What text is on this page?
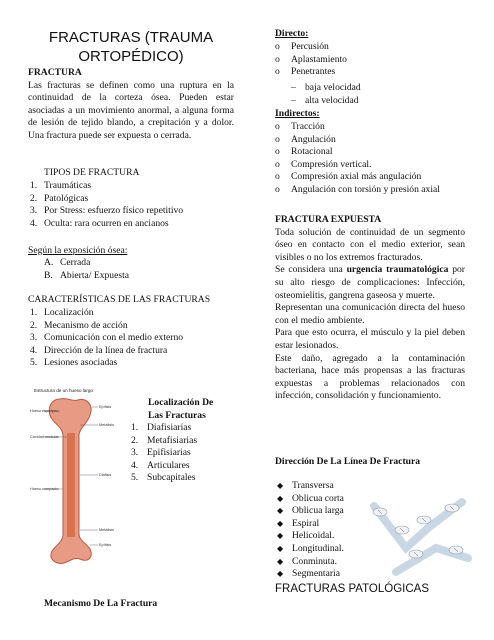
FRACTURAS (TRAUMA ORTOPÉDICO)
FRACTURA
Las fracturas se definen como una ruptura en la continuidad de la corteza ósea. Pueden estar asociadas a un movimiento anormal, a alguna forma de lesión de tejido blando, a crepitación y a dolor. Una fractura puede ser expuesta o cerrada.
TIPOS DE FRACTURA
1. Traumáticas
2. Patológicas
3. Por Stress: esfuerzo físico repetitivo
4. Oculta: rara ocurren en ancianos
Según la exposición ósea:
A. Cerrada
B. Abierta/ Expuesta
CARACTERÍSTICAS DE LAS FRACTURAS
1. Localización
2. Mecanismo de acción
3. Comunicación con el medio externo
4. Dirección de la línea de fractura
5. Lesiones asociadas
Estructura de un hueso largo
Hueso esponjoso
Cavidad medular
Hueso compacto
Epífisis
Metáfisis
Diáfisis
Metáfisis
Epífisis
Localización De
Las Fracturas
1. Diafisiarias
2. Metafisiarias
3. Epifisiarias
4. Articulares
5. Subcapitales
Mecanismo De La Fractura
Directo:
o	Percusión
o	Aplastamiento
o	Penetrantes
– baja velocidad
– alta velocidad
Indirectos:
o	Tracción
o	Angulación
o	Rotacional
o	Compresión vertical.
o	Compresión axial más angulación
o	Angulación con torsión y presión axial
FRACTURA EXPUESTA
Toda solución de continuidad de un segmento óseo en contacto con el medio exterior, sean visibles o no los extremos fracturados.
Se considera una urgencia traumatológica por su alto riesgo de complicaciones: Infección, osteomielitis, gangrena gaseosa y muerte.
Representan una comunicación directa del hueso con el medio ambiente.
Para que esto ocurra, el músculo y la piel deben estar lesionados.
Este daño, agregado a la contaminación bacteriana, hace más propensas a las fracturas expuestas a problemas relacionados con infección, consolidación y funcionamiento.
Dirección De La Línea De Fractura
◆ Transversa
◆ Oblicua corta
◆ Oblicua larga
◆ Espiral
◆ Helicoidal.
◆ Longitudinal.
◆ Conminuta.
◆ Segmentaria
FRACTURAS PATOLÓGICAS
